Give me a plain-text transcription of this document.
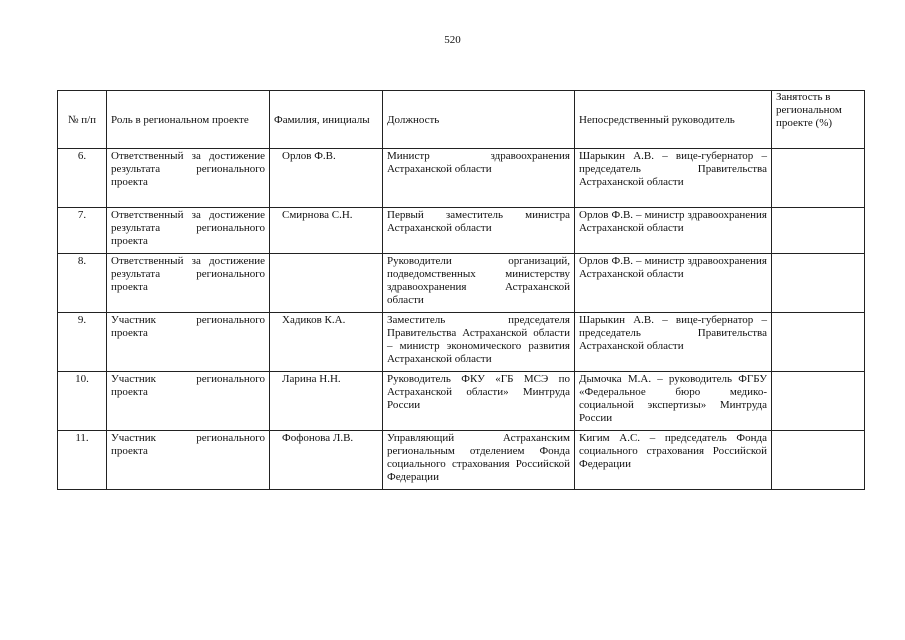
520
№ п/п	Роль в региональном проекте	Фамилия, инициалы	Должность	Непосредственный руководитель	Занятость в региональном проекте (%)
6.	Ответственный за достижение результата регионального проекта	Орлов Ф.В.	Министр здравоохранения Астраханской области	Шарыкин А.В. – вице-губернатор – председатель Правительства Астраханской области	
7.	Ответственный за достижение результата регионального проекта	Смирнова С.Н.	Первый заместитель министра Астраханской области	Орлов Ф.В. – министр здравоохранения Астраханской области	
8.	Ответственный за достижение результата регионального проекта		Руководители организаций, подведомственных министерству здравоохранения Астраханской области	Орлов Ф.В. – министр здравоохранения Астраханской области	
9.	Участник регионального проекта	Хадиков К.А.	Заместитель председателя Правительства Астраханской области – министр экономического развития Астраханской области	Шарыкин А.В. – вице-губернатор – председатель Правительства Астраханской области	
10.	Участник регионального проекта	Ларина Н.Н.	Руководитель ФКУ «ГБ МСЭ по Астраханской области» Минтруда России	Дымочка М.А. – руководитель ФГБУ «Федеральное бюро медико-социальной экспертизы» Минтруда России	
11.	Участник регионального проекта	Фофонова Л.В.	Управляющий Астраханским региональным отделением Фонда социального страхования Российской Федерации	Кигим А.С. – председатель Фонда социального страхования Российской Федерации	
